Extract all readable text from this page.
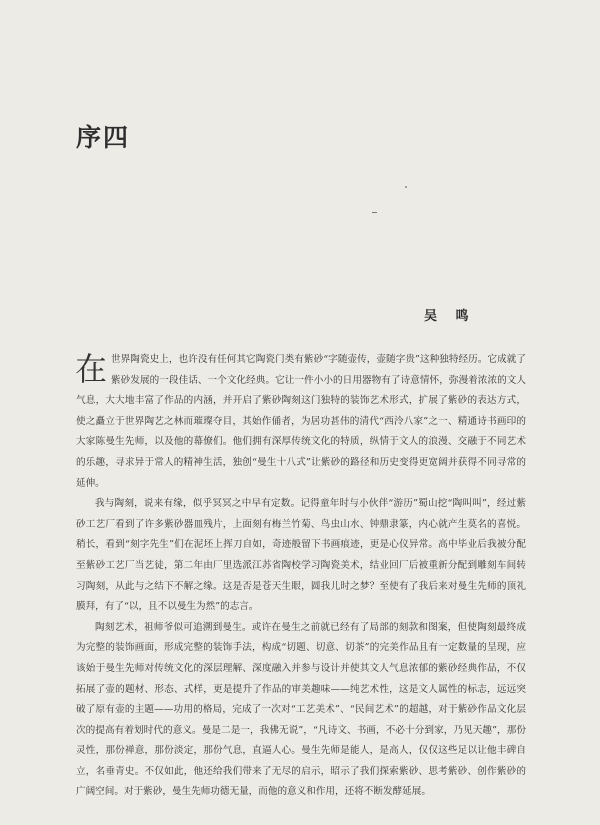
序四
吴 鸣

在世界陶瓷史上，也许没有任何其它陶瓷门类有紫砂“字随壶传，壶随字贵”这种独特经历。它成就了紫砂发展的一段佳话、一个文化经典。它让一件小小的日用器物有了诗意情怀，弥漫着浓浓的文人气息，大大地丰富了作品的内涵，并开启了紫砂陶刻这门独特的装饰艺术形式，扩展了紫砂的表达方式，使之矗立于世界陶艺之林而璀璨夺目，其始作俑者，为居功甚伟的清代“西泠八家”之一、精通诗书画印的大家陈曼生先师，以及他的幕僚们。他们拥有深厚传统文化的特质，纵情于文人的浪漫、交融于不同艺术的乐趣，寻求异于常人的精神生活，独创“曼生十八式”让紫砂的路径和历史变得更宽阔并获得不同寻常的延伸。

我与陶刻，说来有缘，似乎冥冥之中早有定数。记得童年时与小伙伴“游历”蜀山挖“陶叫叫”，经过紫砂工艺厂看到了许多紫砂器皿残片，上面刻有梅兰竹菊、鸟虫山水、钟鼎隶篆，内心就产生莫名的喜悦。稍长，看到“刻字先生”们在泥坯上挥刀自如，奇迹般留下书画痕迹，更是心仪异常。高中毕业后我被分配至紫砂工艺厂当艺徒，第二年由厂里选派江苏省陶校学习陶瓷美术，结业回厂后被重新分配到雕刻车间转习陶刻，从此与之结下不解之缘。这是否是苍天生眼，圆我儿时之梦？至使有了我后来对曼生先师的顶礼膜拜，有了“以，且不以曼生为然”的志言。

陶刻艺术，祖师爷似可追溯到曼生。或许在曼生之前就已经有了局部的刻款和图案，但使陶刻最终成为完整的装饰画面，形成完整的装饰手法，构成“切题、切意、切茶”的完美作品且有一定数量的呈现，应该始于曼生先师对传统文化的深层理解、深度融入并参与设计并使其文人气息浓郁的紫砂经典作品，不仅拓展了壶的题材、形态、式样，更是提升了作品的审美趣味——纯艺术性，这是文人属性的标志，远远突破了原有壶的主题——功用的格局，完成了一次对“工艺美术”、“民间艺术”的超越，对于紫砂作品文化层次的提高有着划时代的意义。曼是二是一，我佛无说”，“凡诗文、书画，不必十分到家，乃见天趣”，那份灵性，那份禅意，那份淡定，那份气息，直逼人心。曼生先师是能人，是高人，仅仅这些足以让他丰碑自立，名垂青史。不仅如此，他还给我们带来了无尽的启示，昭示了我们探索紫砂、思考紫砂、创作紫砂的广阔空间。对于紫砂，曼生先师功德无量，而他的意义和作用，还将不断发酵延展。
